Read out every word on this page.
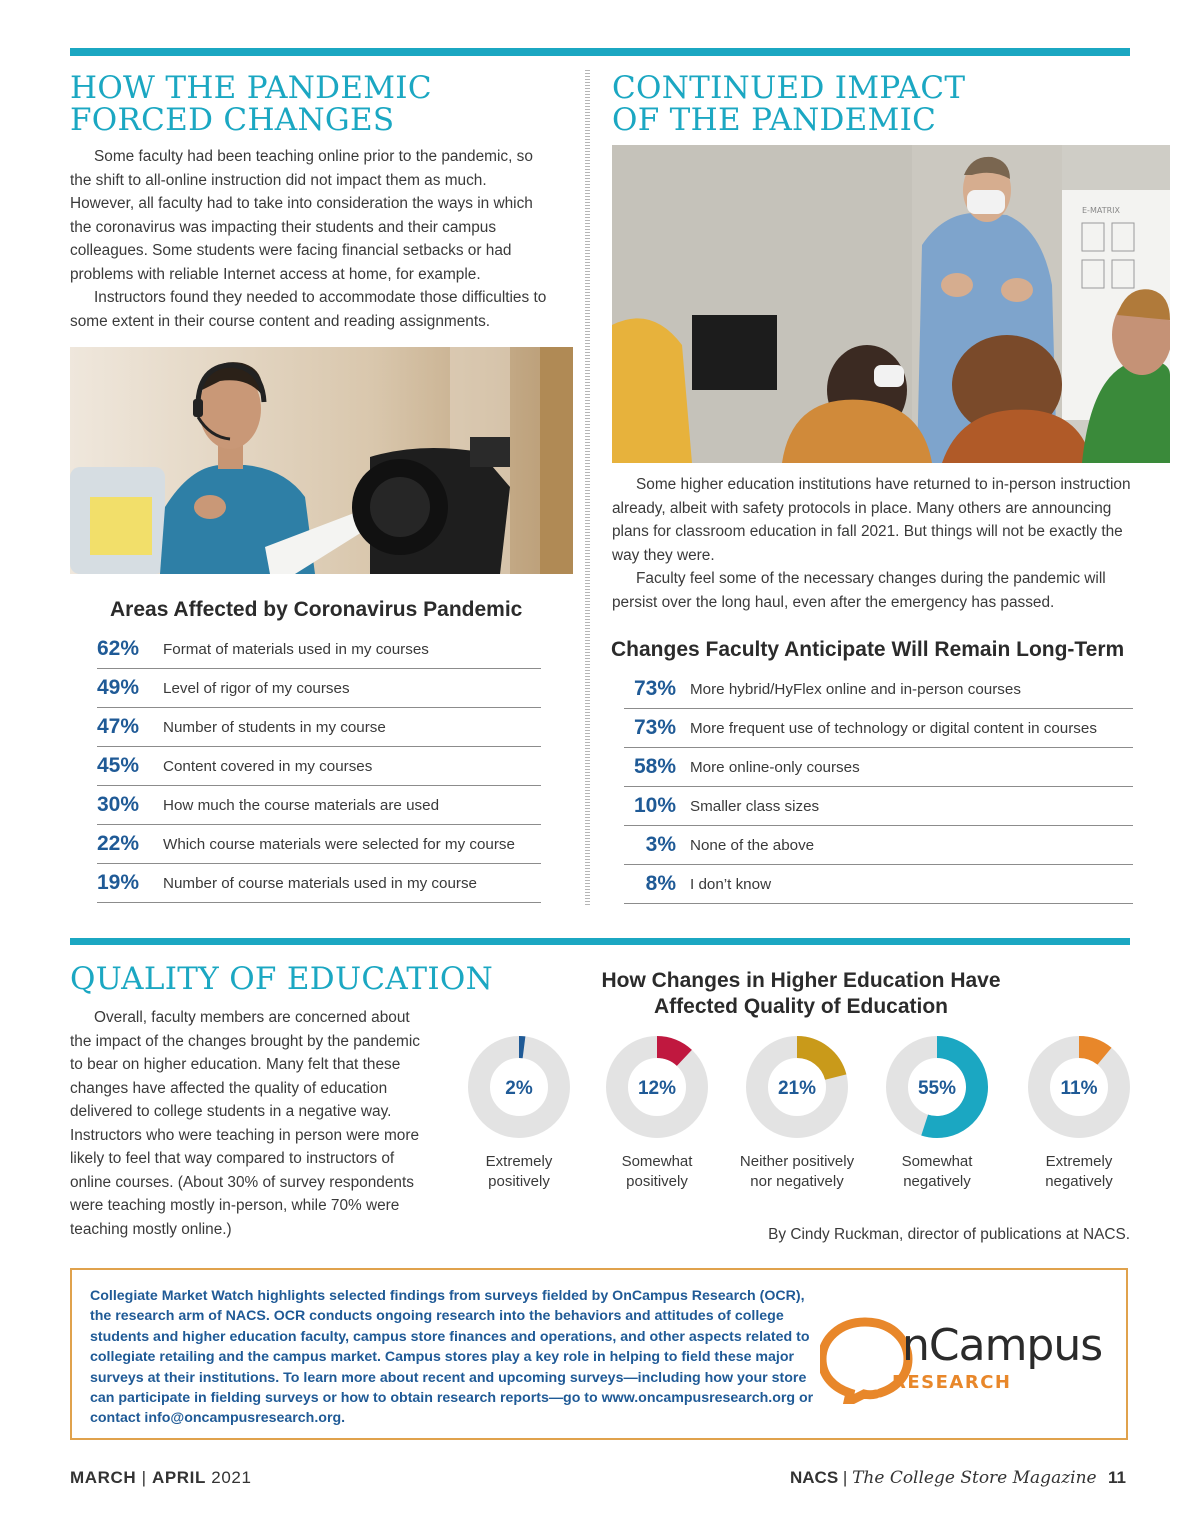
HOW THE PANDEMIC
FORCED CHANGES

Some faculty had been teaching online prior to the pandemic, so the shift to all-online instruction did not impact them as much. However, all faculty had to take into consideration the ways in which the coronavirus was impacting their students and their campus colleagues. Some students were facing financial setbacks or had problems with reliable Internet access at home, for example.

Instructors found they needed to accommodate those difficulties to some extent in their course content and reading assignments.

Areas Affected by Coronavirus Pandemic
62%	Format of materials used in my courses
49%	Level of rigor of my courses
47%	Number of students in my course
45%	Content covered in my courses
30%	How much the course materials are used
22%	Which course materials were selected for my course
19%	Number of course materials used in my course
CONTINUED IMPACT
OF THE PANDEMIC
E-MATRIX

Some higher education institutions have returned to in-person instruction already, albeit with safety protocols in place. Many others are announcing plans for classroom education in fall 2021. But things will not be exactly the way they were.

Faculty feel some of the necessary changes during the pandemic will persist over the long haul, even after the emergency has passed.

Changes Faculty Anticipate Will Remain Long-Term
73% More hybrid/HyFlex online and in-person courses
73% More frequent use of technology or digital content in courses
58% More online-only courses
10% Smaller class sizes
3% None of the above
8% I don’t know
QUALITY OF EDUCATION

Overall, faculty members are concerned about the impact of the changes brought by the pandemic to bear on higher education. Many felt that these changes have affected the quality of education delivered to college students in a negative way. Instructors who were teaching in person were more likely to feel that way compared to instructors of online courses. (About 30% of survey respondents were teaching mostly in-person, while 70% were teaching mostly online.)

How Changes in Higher Education Have
Affected Quality of Education
2%
Extremely
positively
12%
Somewhat
positively
21%
Neither positively
nor negatively
55%
Somewhat
negatively
11%
Extremely
negatively
By Cindy Ruckman, director of publications at NACS.

Collegiate Market Watch highlights selected findings from surveys fielded by OnCampus Research (OCR), the research arm of NACS. OCR conducts ongoing research into the behaviors and attitudes of college students and higher education faculty, campus store finances and operations, and other aspects related to collegiate retailing and the campus market. Campus stores play a key role in helping to field these major surveys at their institutions. To learn more about recent and upcoming surveys—including how your store can participate in fielding surveys or how to obtain research reports—go to www.oncampusresearch.org or contact info@oncampusresearch.org.

nCampus
RESEARCH
MARCH | APRIL 2021	NACS | The College Store Magazine 11
